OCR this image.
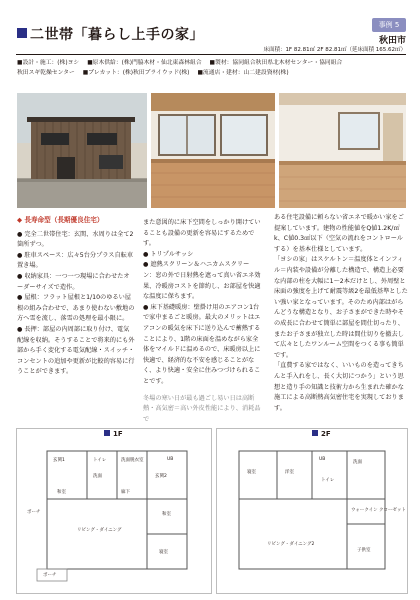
事例 5
二世帯「暮らし上手の家」	秋田市
床面積：1F 82.81㎡ 2F 82.81㎡（延床面積 165.62㎡）
■設計・施工：(株)ヨシ ■原木供給：(株)門脇木材・仙北東森林組合 ■製材：協同組合秋田県北木材センター・協同組合
秋田スギ乾燥センター ■プレカット：(株)秋田プライウッド(株) ■流通店・建材：山二建設資材(株)
◆ 長寿命型（長期優良住宅）

● 完全二世帯住宅：玄関、水周りは全て2箇所ずつ。

● 駐車スペース：広々5台分プラス自転車置き場。

● 収納家具：一つ一つ現場に合わせたオーダーサイズで造作。

● 屋根：フラット屋根と1/10のゆるい屋根の組み合わせで、あまり使わない敷地の方へ雪を流し、落雪の処理を最小限に。

● 長押：部屋の内周部に取り付け、電気配線を収納。そうすることで将来的にも外部から手く変化する電気配線・スイッチ・コンセントの追加や更新が比較的容易に行うことができます。

また意図的に床下空間をしっかり開けていることも設備の更新を容易にするためです。

● トリプルサッシ

● 遮熱スクリーン＆ハニカムスクリーン：窓の外で日射熱を遮って真い省エネ効果、冷暖房コストを節約し、お部屋を快適な温度に保ちます。

● 床下基礎暖房：壁掛け用のエアコン1台で家中まるごと暖房。最大のメリットはエアコンの暖気を床下に送り込んで蓄熱することにより、1階の床面を温めながら家全体をマイルドに温めるので、床暖房以上に快適で、経済的な不安を感じることがなく、より快適・安全に住みつづけられることです。

冬場の寒い日が最も過ごし易い日は高断熱・高気密＝高い外皮性能により、消耗品で

ある住宅設備に頼らない省エネで暖かい家をご提案しています。建物の性能値をQ値1.2K/㎡k、C値0.3㎠以下（空気の流れをコントロールする）を基本仕様としています。

「ヨシの家」はスケルトン＝温度体とインフィル＝内装や設備が分離した構造で、構造上必要な内部の柱を大幅に1〜2本だけとし、外周壁と床面の強度を上げて耐震等級2を最低基準としたい強い家となっています。そのため内部はがらんどうな構造となり、お子さまができた時やその成長に合わせて簡単に部屋を間仕切ったり、またお子さまが独立した時は間仕切りを撤去して広々としたワンルーム空間をつくる事も簡単です。

「直費する家ではなく、いいものを造ってきちんと手入れをし、長く大切につかう」という思想と造り手の知識と技術力から生まれた確かな施工による高断熱高気密住宅を実現しております。

玄関1
ポーチ
リビング・ダイニング
和室
寝室
トイレ	UB
洗面
廊下
洗面脱衣室
玄関2
和室
ポーチ
1F
寝室	洋室
リビング・ダイニング2
UB
トイレ
洗面
ウォークイン クローゼット
子供室
2F
